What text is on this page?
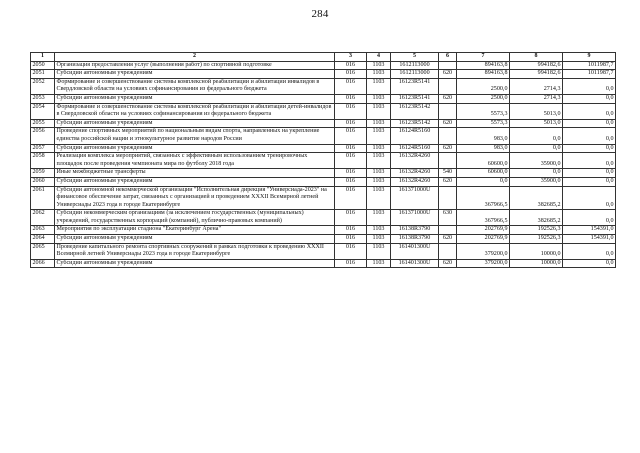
284
1	2	3	4	5	6	7	8	9
2050	Организация предоставления услуг (выполнения работ) по спортивной подготовке	016	1103	1612113000		894163,8	994182,6	1011987,7
2051	Субсидии автономным учреждениям	016	1103	1612113000	620	894163,8	994182,6	1011987,7
2052	Формирование и совершенствование системы комплексной реабилитации и абилитации инвалидов в Свердловской области на условиях софинансирования из федерального бюджета	016	1103	16123R5141		2500,0	2714,3	0,0
2053	Субсидии автономным учреждениям	016	1103	16123R5141	620	2500,0	2714,3	0,0
2054	Формирование и совершенствование системы комплексной реабилитации и абилитации детей-инвалидов в Свердловской области на условиях софинансирования из федерального бюджета	016	1103	16123R5142		5573,3	5013,0	0,0
2055	Субсидии автономным учреждениям	016	1103	16123R5142	620	5573,3	5013,0	0,0
2056	Проведение спортивных мероприятий по национальным видам спорта, направленных на укрепление единства российской нации и этнокультурное развитие народов России	016	1103	16124R5160		983,0	0,0	0,0
2057	Субсидии автономным учреждениям	016	1103	16124R5160	620	983,0	0,0	0,0
2058	Реализация комплекса мероприятий, связанных с эффективным использованием тренировочных площадок после проведения чемпионата мира по футболу 2018 года	016	1103	16132R4260		60600,0	35900,0	0,0
2059	Иные межбюджетные трансферты	016	1103	16132R4260	540	60600,0	0,0	0,0
2060	Субсидии автономным учреждениям	016	1103	16132R4260	620	0,0	35900,0	0,0
2061	Субсидии автономной некоммерческой организации "Исполнительная дирекция "Универсиада-2023" на финансовое обеспечение затрат, связанных с организацией и проведением XXXII Всемирной летней Универсиады 2023 года в городе Екатеринбурге	016	1103	161371000U		367966,5	382685,2	0,0
2062	Субсидии некоммерческим организациям (за исключением государственных (муниципальных) учреждений, государственных корпораций (компаний), публично-правовых компаний)	016	1103	161371000U	630	367966,5	382685,2	0,0
2063	Мероприятия по эксплуатации стадиона "Екатеринбург Арена"	016	1103	16138R3790		202769,9	192526,3	154391,0
2064	Субсидии автономным учреждениям	016	1103	16138R3790	620	202769,9	192526,3	154391,0
2065	Проведение капитального ремонта спортивных сооружений в рамках подготовки к проведению XXXII Всемирной летней Универсиады 2023 года в городе Екатеринбурге	016	1103	161401300U		379200,0	10000,0	0,0
2066	Субсидии автономным учреждениям	016	1103	161401300U	620	379200,0	10000,0	0,0
